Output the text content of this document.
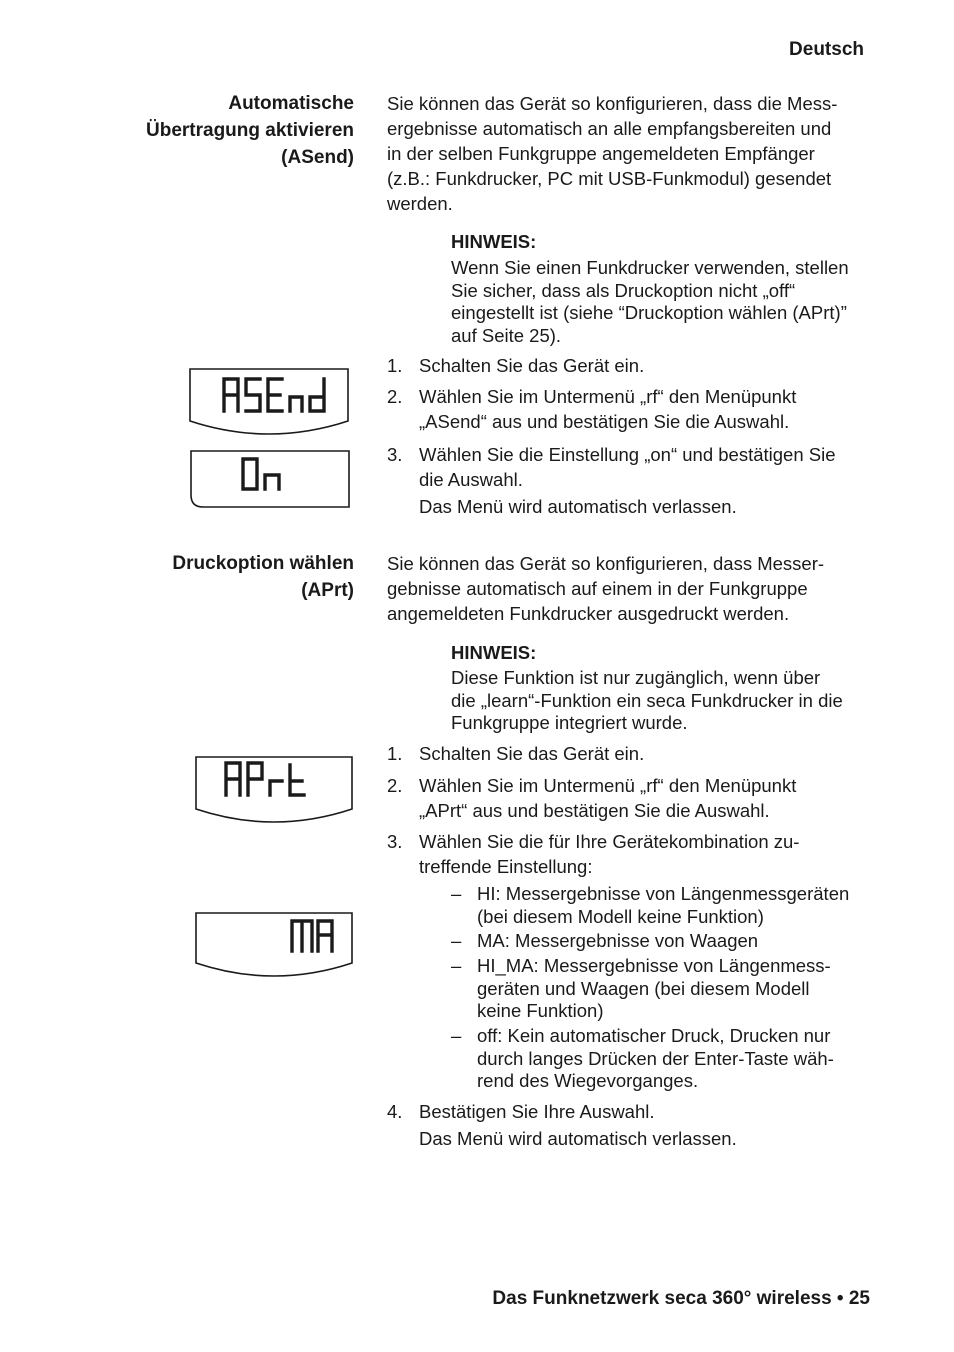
Deutsch
Automatische
Übertragung aktivieren
(ASend)
Sie können das Gerät so konfigurieren, dass die Mess-
ergebnisse automatisch an alle empfangsbereiten und
in der selben Funkgruppe angemeldeten Empfänger
(z.B.: Funkdrucker, PC mit USB-Funkmodul) gesendet
werden.
HINWEIS:
Wenn Sie einen Funkdrucker verwenden, stellen
Sie sicher, dass als Druckoption nicht „off“
eingestellt ist (siehe “Druckoption wählen (APrt)”
auf Seite 25).
1. Schalten Sie das Gerät ein.
2. Wählen Sie im Untermenü „rf“ den Menüpunkt
„ASend“ aus und bestätigen Sie die Auswahl.
3. Wählen Sie die Einstellung „on“ und bestätigen Sie
die Auswahl.
Das Menü wird automatisch verlassen.
Druckoption wählen
(APrt)
Sie können das Gerät so konfigurieren, dass Messer-
gebnisse automatisch auf einem in der Funkgruppe
angemeldeten Funkdrucker ausgedruckt werden.
HINWEIS:
Diese Funktion ist nur zugänglich, wenn über
die „learn“-Funktion ein seca Funkdrucker in die
Funkgruppe integriert wurde.
1. Schalten Sie das Gerät ein.
2. Wählen Sie im Untermenü „rf“ den Menüpunkt
„APrt“ aus und bestätigen Sie die Auswahl.
3. Wählen Sie die für Ihre Gerätekombination zu-
treffende Einstellung:
– HI: Messergebnisse von Längenmessgeräten
(bei diesem Modell keine Funktion)
– MA: Messergebnisse von Waagen
– HI_MA: Messergebnisse von Längenmess-
geräten und Waagen (bei diesem Modell
keine Funktion)
– off: Kein automatischer Druck, Drucken nur
durch langes Drücken der Enter-Taste wäh-
rend des Wiegevorganges.
4. Bestätigen Sie Ihre Auswahl.
Das Menü wird automatisch verlassen.
Das Funknetzwerk seca 360° wireless • 25
